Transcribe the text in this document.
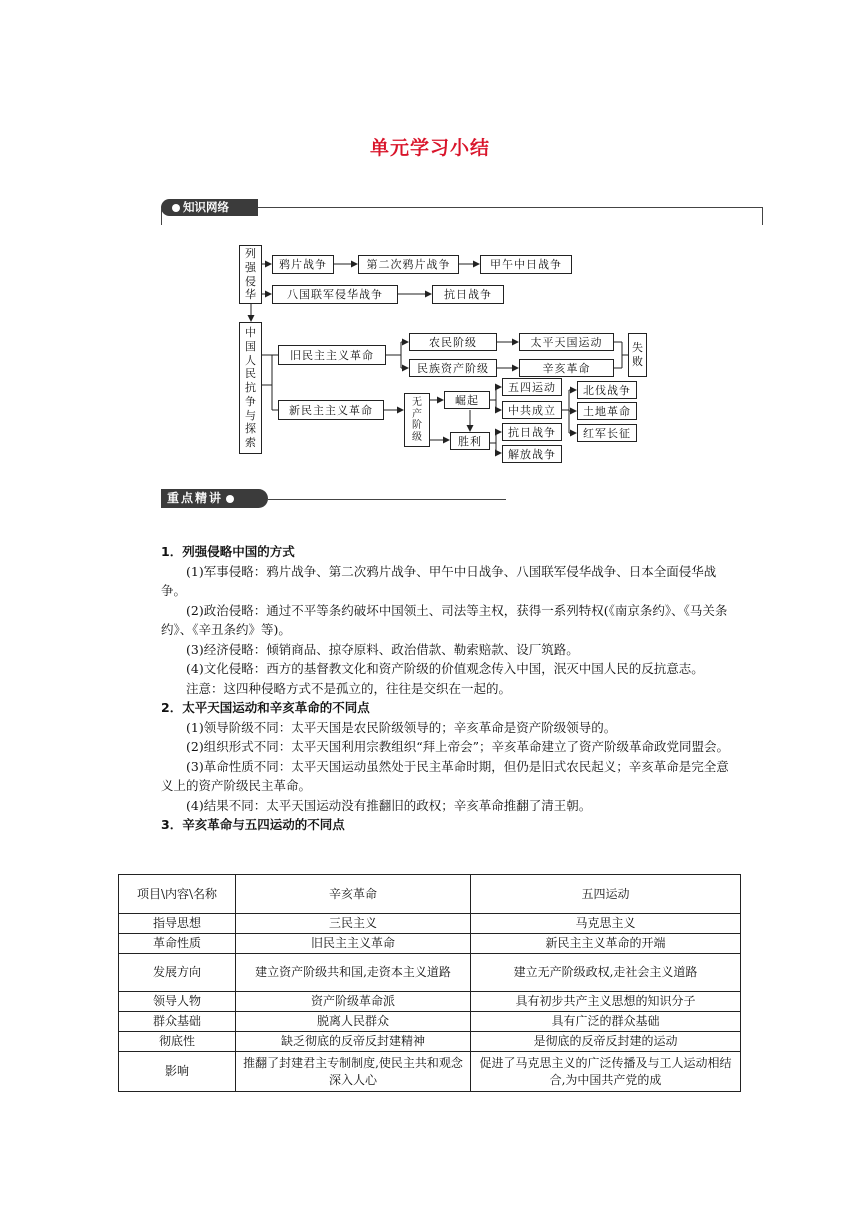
单元学习小结
知识网络
列
强
侵
华
中
国
人
民
抗
争
与
探
索
鸦片战争	第二次鸦片战争	甲午中日战争
八国联军侵华战争	抗日战争
旧民主主义革命
新民主主义革命
农民阶级
民族资产阶级
太平天国运动
辛亥革命
失
败
无
产
阶
级
崛起
胜利
五四运动
中共成立
抗日战争
解放战争
北伐战争
土地革命
红军长征
重点精讲

1．列强侵略中国的方式

(1)军事侵略：鸦片战争、第二次鸦片战争、甲午中日战争、八国联军侵华战争、日本全面侵华战争。

(2)政治侵略：通过不平等条约破坏中国领土、司法等主权，获得一系列特权(《南京条约》、《马关条约》、《辛丑条约》等)。

(3)经济侵略：倾销商品、掠夺原料、政治借款、勒索赔款、设厂筑路。

(4)文化侵略：西方的基督教文化和资产阶级的价值观念传入中国，泯灭中国人民的反抗意志。

注意：这四种侵略方式不是孤立的，往往是交织在一起的。

2．太平天国运动和辛亥革命的不同点

(1)领导阶级不同：太平天国是农民阶级领导的；辛亥革命是资产阶级领导的。

(2)组织形式不同：太平天国利用宗教组织“拜上帝会”；辛亥革命建立了资产阶级革命政党同盟会。

(3)革命性质不同：太平天国运动虽然处于民主革命时期，但仍是旧式农民起义；辛亥革命是完全意义上的资产阶级民主革命。

(4)结果不同：太平天国运动没有推翻旧的政权；辛亥革命推翻了清王朝。

3．辛亥革命与五四运动的不同点

项目\内容\名称	辛亥革命	五四运动
指导思想	三民主义	马克思主义
革命性质	旧民主主义革命	新民主主义革命的开端
发展方向	建立资产阶级共和国,走资本主义道路	建立无产阶级政权,走社会主义道路
领导人物	资产阶级革命派	具有初步共产主义思想的知识分子
群众基础	脱离人民群众	具有广泛的群众基础
彻底性	缺乏彻底的反帝反封建精神	是彻底的反帝反封建的运动
影响	推翻了封建君主专制制度,使民主共和观念深入人心	促进了马克思主义的广泛传播及与工人运动相结合,为中国共产党的成
